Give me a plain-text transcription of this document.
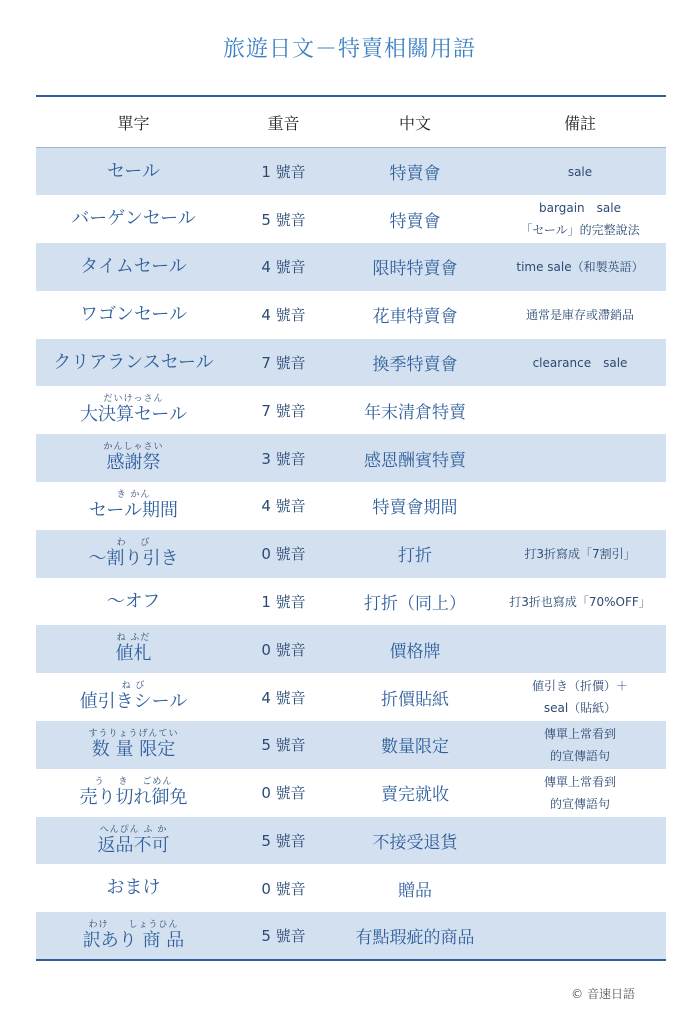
旅遊日文－特賣相關用語
單字	重音	中文	備註

セール	1 號音	特賣會	sale

バーゲンセール	5 號音	特賣會	bargain　sale
「セール」的完整說法

タイムセール	4 號音	限時特賣會	time sale（和製英語）

ワゴンセール	4 號音	花車特賣會	通常是庫存或滯銷品

クリアランスセール	7 號音	換季特賣會	clearance　sale

だいけっさん
大決算セール	7 號音	年末清倉特賣	

かんしゃさい
感謝祭	3 號音	感恩酬賓特賣	

き かん
セール期間	4 號音	特賣會期間	

わ　 び
～割り引き	0 號音	打折	打3折寫成「7割引」

～オフ	1 號音	打折（同上）	打3折也寫成「70%OFF」

ね ふだ
値札	0 號音	價格牌	

ね び
値引きシール	4 號音	折價貼紙	値引き（折價）＋
seal（貼紙）

すうりょうげんてい
数 量 限定	5 號音	數量限定	傳單上常看到
的宣傳語句

う　 き　 ごめん
売り切れ御免	0 號音	賣完就收	傳單上常看到
的宣傳語句

へんぴん ふ か
返品不可	5 號音	不接受退貨	

おまけ	0 號音	贈品	

わけ　　しょうひん
訳あり 商 品	5 號音	有點瑕疵的商品	
© 音速日語
